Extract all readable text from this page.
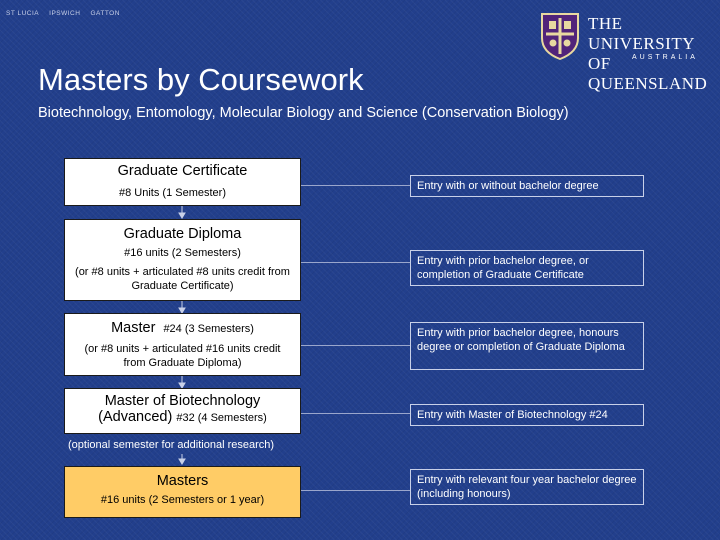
ST LUCIA IPSWICH GATTON
THE UNIVERSITY
OF QUEENSLAND
AUSTRALIA
Masters by Coursework
Biotechnology, Entomology, Molecular Biology and Science (Conservation Biology)
Graduate Certificate
#8 Units (1 Semester)
Entry with or without bachelor degree
Graduate Diploma
#16 units (2 Semesters)
(or #8 units + articulated #8 units credit from Graduate Certificate)
Entry with prior bachelor degree, or completion of Graduate Certificate
Master #24 (3 Semesters)
(or #8 units + articulated #16 units credit from Graduate Diploma)
Entry with prior bachelor degree, honours degree or completion of Graduate Diploma
Master of Biotechnology
(Advanced) #32 (4 Semesters)
(optional semester for additional research)
Entry with Master of Biotechnology #24
Masters
#16 units (2 Semesters or 1 year)
Entry with relevant four year bachelor degree (including honours)
